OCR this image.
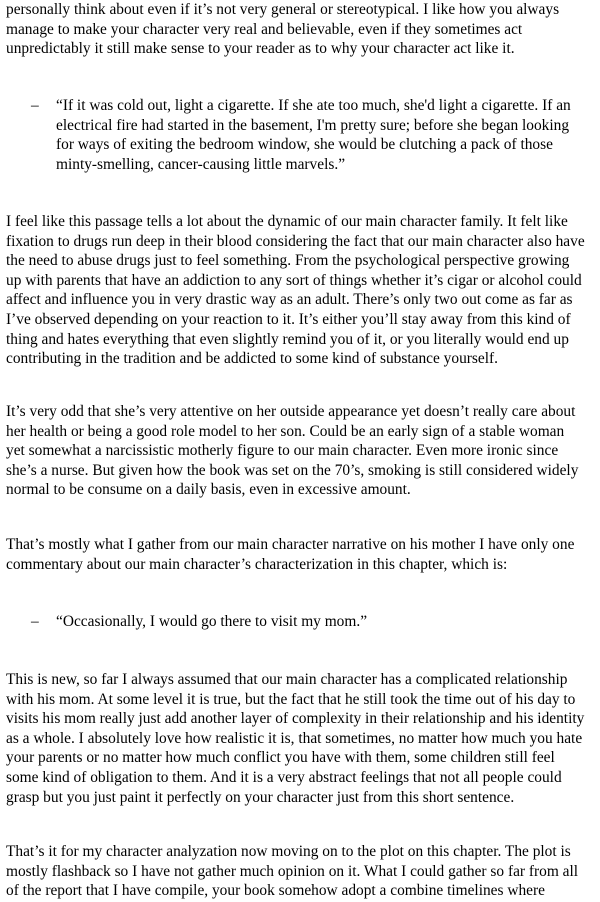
personally think about even if it’s not very general or stereotypical. I like how you always
manage to make your character very real and believable, even if they sometimes act
unpredictably it still make sense to your reader as to why your character act like it.

– “If it was cold out, light a cigarette. If she ate too much, she'd light a cigarette. If an
electrical fire had started in the basement, I'm pretty sure; before she began looking
for ways of exiting the bedroom window, she would be clutching a pack of those
minty-smelling, cancer-causing little marvels.”

I feel like this passage tells a lot about the dynamic of our main character family. It felt like
fixation to drugs run deep in their blood considering the fact that our main character also have
the need to abuse drugs just to feel something. From the psychological perspective growing
up with parents that have an addiction to any sort of things whether it’s cigar or alcohol could
affect and influence you in very drastic way as an adult. There’s only two out come as far as
I’ve observed depending on your reaction to it. It’s either you’ll stay away from this kind of
thing and hates everything that even slightly remind you of it, or you literally would end up
contributing in the tradition and be addicted to some kind of substance yourself.

It’s very odd that she’s very attentive on her outside appearance yet doesn’t really care about
her health or being a good role model to her son. Could be an early sign of a stable woman
yet somewhat a narcissistic motherly figure to our main character. Even more ironic since
she’s a nurse. But given how the book was set on the 70’s, smoking is still considered widely
normal to be consume on a daily basis, even in excessive amount.

That’s mostly what I gather from our main character narrative on his mother I have only one
commentary about our main character’s characterization in this chapter, which is:

– “Occasionally, I would go there to visit my mom.”

This is new, so far I always assumed that our main character has a complicated relationship
with his mom. At some level it is true, but the fact that he still took the time out of his day to
visits his mom really just add another layer of complexity in their relationship and his identity
as a whole. I absolutely love how realistic it is, that sometimes, no matter how much you hate
your parents or no matter how much conflict you have with them, some children still feel
some kind of obligation to them. And it is a very abstract feelings that not all people could
grasp but you just paint it perfectly on your character just from this short sentence.

That’s it for my character analyzation now moving on to the plot on this chapter. The plot is
mostly flashback so I have not gather much opinion on it. What I could gather so far from all
of the report that I have compile, your book somehow adopt a combine timelines where
